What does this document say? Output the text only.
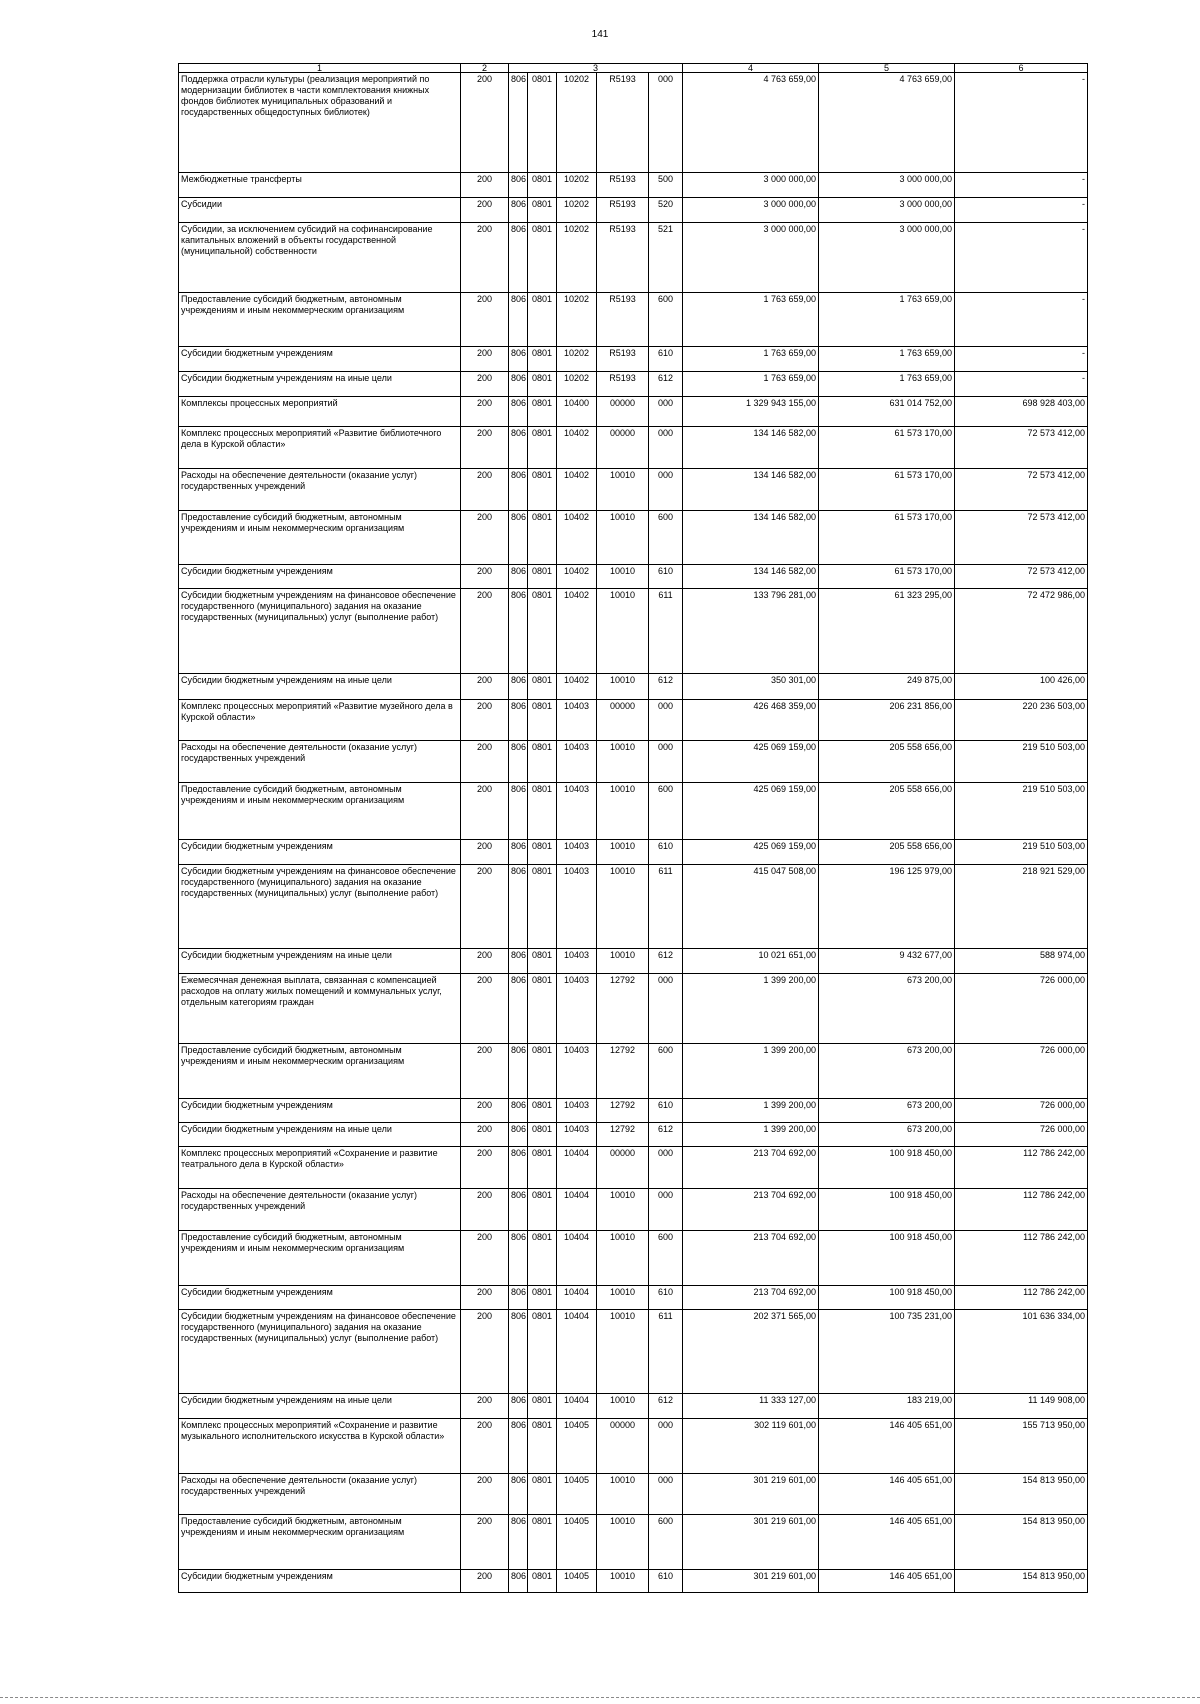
141
1	2	3					4	5	6
Поддержка отрасли культуры (реализация мероприятий по модернизации библиотек в части комплектования книжных фондов библиотек муниципальных образований и государственных общедоступных библиотек)	200	806	0801	10202	R5193	000	4 763 659,00	4 763 659,00	-
Межбюджетные трансферты	200	806	0801	10202	R5193	500	3 000 000,00	3 000 000,00	-
Субсидии	200	806	0801	10202	R5193	520	3 000 000,00	3 000 000,00	-
Субсидии, за исключением субсидий на софинансирование капитальных вложений в объекты государственной (муниципальной) собственности	200	806	0801	10202	R5193	521	3 000 000,00	3 000 000,00	-
Предоставление субсидий бюджетным, автономным учреждениям и иным некоммерческим организациям	200	806	0801	10202	R5193	600	1 763 659,00	1 763 659,00	-
Субсидии бюджетным учреждениям	200	806	0801	10202	R5193	610	1 763 659,00	1 763 659,00	-
Субсидии бюджетным учреждениям на иные цели	200	806	0801	10202	R5193	612	1 763 659,00	1 763 659,00	-
Комплексы процессных мероприятий	200	806	0801	10400	00000	000	1 329 943 155,00	631 014 752,00	698 928 403,00
Комплекс процессных мероприятий «Развитие библиотечного дела в Курской области»	200	806	0801	10402	00000	000	134 146 582,00	61 573 170,00	72 573 412,00
Расходы на обеспечение деятельности (оказание услуг) государственных учреждений	200	806	0801	10402	10010	000	134 146 582,00	61 573 170,00	72 573 412,00
Предоставление субсидий бюджетным, автономным учреждениям и иным некоммерческим организациям	200	806	0801	10402	10010	600	134 146 582,00	61 573 170,00	72 573 412,00
Субсидии бюджетным учреждениям	200	806	0801	10402	10010	610	134 146 582,00	61 573 170,00	72 573 412,00
Субсидии бюджетным учреждениям на финансовое обеспечение государственного (муниципального) задания на оказание государственных (муниципальных) услуг (выполнение работ)	200	806	0801	10402	10010	611	133 796 281,00	61 323 295,00	72 472 986,00
Субсидии бюджетным учреждениям на иные цели	200	806	0801	10402	10010	612	350 301,00	249 875,00	100 426,00
Комплекс процессных мероприятий «Развитие музейного дела в Курской области»	200	806	0801	10403	00000	000	426 468 359,00	206 231 856,00	220 236 503,00
Расходы на обеспечение деятельности (оказание услуг) государственных учреждений	200	806	0801	10403	10010	000	425 069 159,00	205 558 656,00	219 510 503,00
Предоставление субсидий бюджетным, автономным учреждениям и иным некоммерческим организациям	200	806	0801	10403	10010	600	425 069 159,00	205 558 656,00	219 510 503,00
Субсидии бюджетным учреждениям	200	806	0801	10403	10010	610	425 069 159,00	205 558 656,00	219 510 503,00
Субсидии бюджетным учреждениям на финансовое обеспечение государственного (муниципального) задания на оказание государственных (муниципальных) услуг (выполнение работ)	200	806	0801	10403	10010	611	415 047 508,00	196 125 979,00	218 921 529,00
Субсидии бюджетным учреждениям на иные цели	200	806	0801	10403	10010	612	10 021 651,00	9 432 677,00	588 974,00
Ежемесячная денежная выплата, связанная с компенсацией расходов на оплату жилых помещений и коммунальных услуг, отдельным категориям граждан	200	806	0801	10403	12792	000	1 399 200,00	673 200,00	726 000,00
Предоставление субсидий бюджетным, автономным учреждениям и иным некоммерческим организациям	200	806	0801	10403	12792	600	1 399 200,00	673 200,00	726 000,00
Субсидии бюджетным учреждениям	200	806	0801	10403	12792	610	1 399 200,00	673 200,00	726 000,00
Субсидии бюджетным учреждениям на иные цели	200	806	0801	10403	12792	612	1 399 200,00	673 200,00	726 000,00
Комплекс процессных мероприятий «Сохранение и развитие театрального дела в Курской области»	200	806	0801	10404	00000	000	213 704 692,00	100 918 450,00	112 786 242,00
Расходы на обеспечение деятельности (оказание услуг) государственных учреждений	200	806	0801	10404	10010	000	213 704 692,00	100 918 450,00	112 786 242,00
Предоставление субсидий бюджетным, автономным учреждениям и иным некоммерческим организациям	200	806	0801	10404	10010	600	213 704 692,00	100 918 450,00	112 786 242,00
Субсидии бюджетным учреждениям	200	806	0801	10404	10010	610	213 704 692,00	100 918 450,00	112 786 242,00
Субсидии бюджетным учреждениям на финансовое обеспечение государственного (муниципального) задания на оказание государственных (муниципальных) услуг (выполнение работ)	200	806	0801	10404	10010	611	202 371 565,00	100 735 231,00	101 636 334,00
Субсидии бюджетным учреждениям на иные цели	200	806	0801	10404	10010	612	11 333 127,00	183 219,00	11 149 908,00
Комплекс процессных мероприятий «Сохранение и развитие музыкального исполнительского искусства в Курской области»	200	806	0801	10405	00000	000	302 119 601,00	146 405 651,00	155 713 950,00
Расходы на обеспечение деятельности (оказание услуг) государственных учреждений	200	806	0801	10405	10010	000	301 219 601,00	146 405 651,00	154 813 950,00
Предоставление субсидий бюджетным, автономным учреждениям и иным некоммерческим организациям	200	806	0801	10405	10010	600	301 219 601,00	146 405 651,00	154 813 950,00
Субсидии бюджетным учреждениям	200	806	0801	10405	10010	610	301 219 601,00	146 405 651,00	154 813 950,00
